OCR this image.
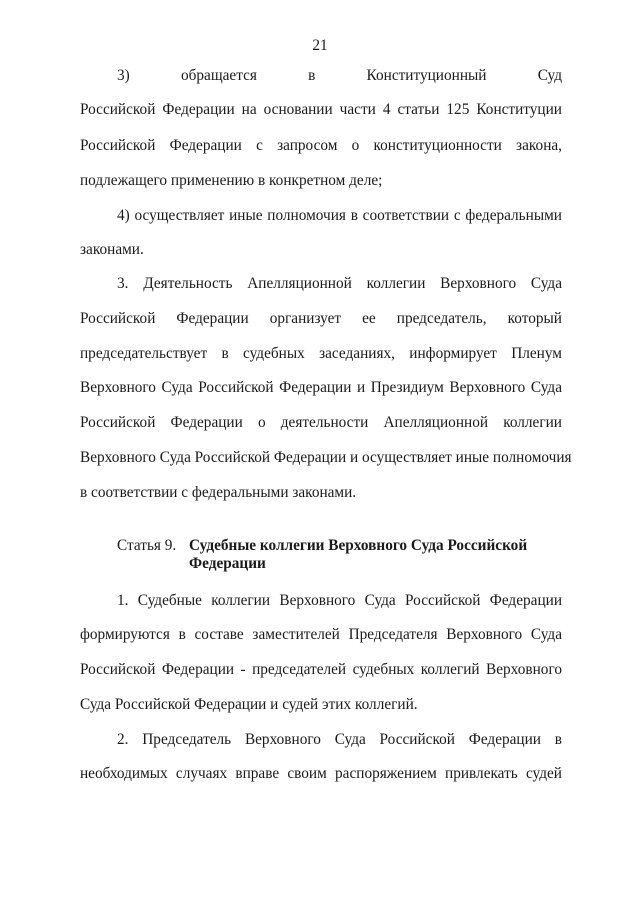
21
3) обращается в Конституционный Суд
Российской Федерации на основании части 4 статьи 125 Конституции
Российской Федерации с запросом о конституционности закона,
подлежащего применению в конкретном деле;
4) осуществляет иные полномочия в соответствии с федеральными
законами.
3. Деятельность Апелляционной коллегии Верховного Суда
Российской Федерации организует ее председатель, который
председательствует в судебных заседаниях, информирует Пленум
Верховного Суда Российской Федерации и Президиум Верховного Суда
Российской Федерации о деятельности Апелляционной коллегии
Верховного Суда Российской Федерации и осуществляет иные полномочия
в соответствии с федеральными законами.
Статья 9. Судебные коллегии Верховного Суда Российской Федерации
1. Судебные коллегии Верховного Суда Российской Федерации
формируются в составе заместителей Председателя Верховного Суда
Российской Федерации - председателей судебных коллегий Верховного
Суда Российской Федерации и судей этих коллегий.
2. Председатель Верховного Суда Российской Федерации в
необходимых случаях вправе своим распоряжением привлекать судей
